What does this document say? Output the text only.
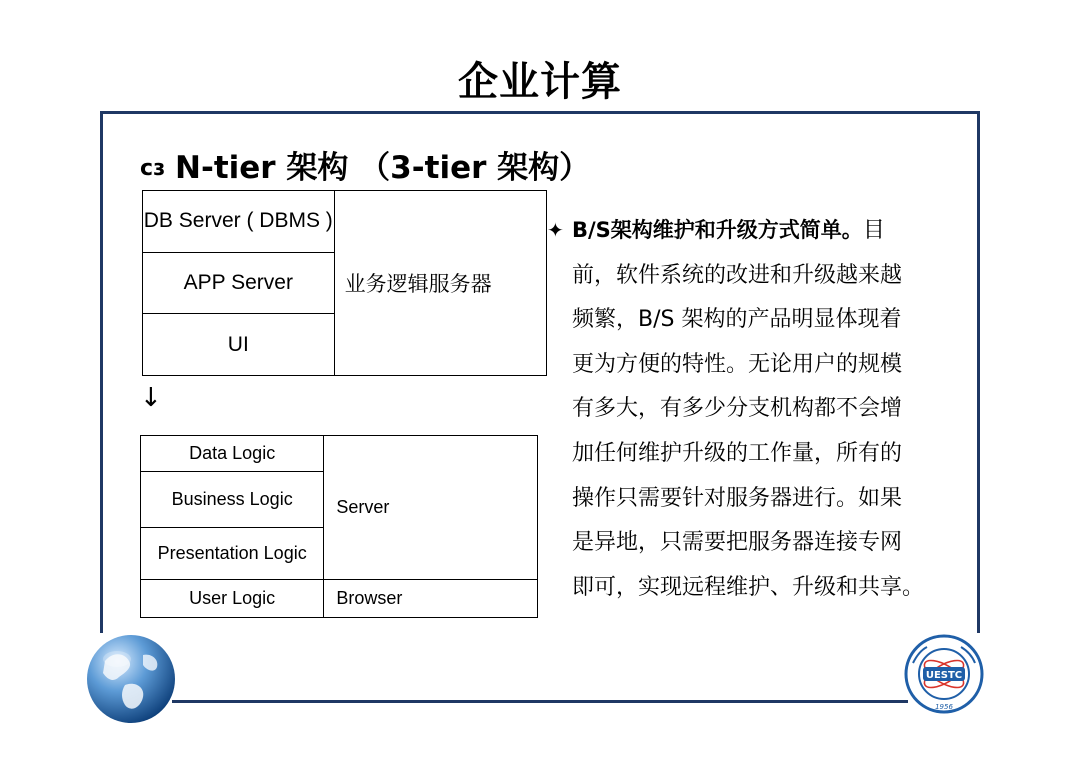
企业计算
cɜ N-tier 架构 （3-tier 架构）
DB Server ( DBMS )	业务逻辑服务器
APP Server
UI
↓
Data Logic	Server
Business Logic	
Presentation Logic	
User Logic	Browser
✦ B/S架构维护和升级方式简单。目
前，软件系统的改进和升级越来越
频繁，B/S 架构的产品明显体现着
更为方便的特性。无论用户的规模
有多大，有多少分支机构都不会增
加任何维护升级的工作量，所有的
操作只需要针对服务器进行。如果
是异地，只需要把服务器连接专网
即可，实现远程维护、升级和共享。
UESTC
1956
